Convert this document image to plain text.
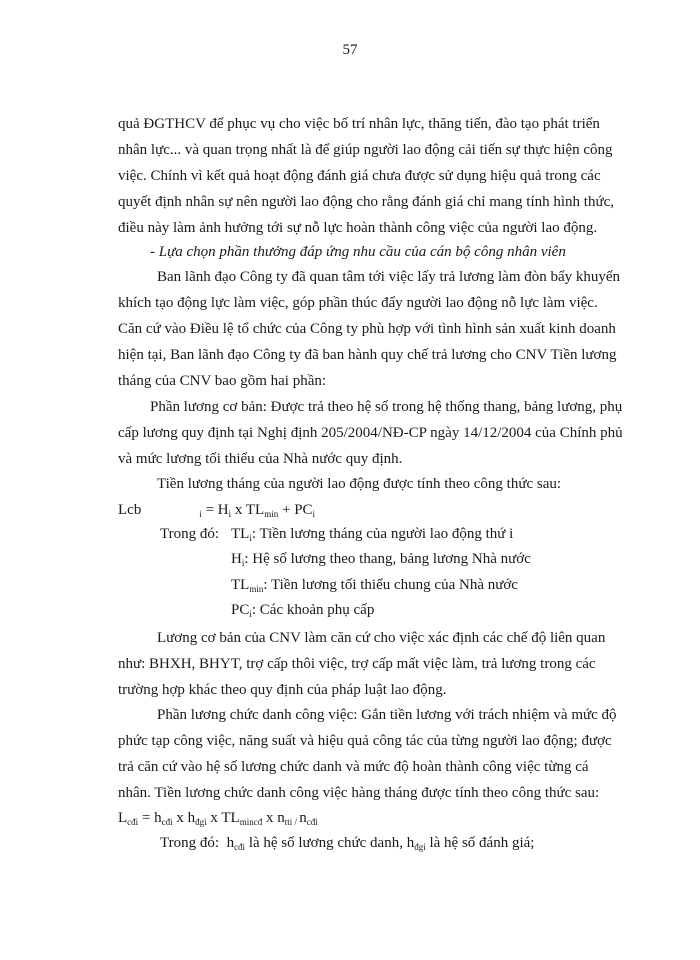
57
quả ĐGTHCV để phục vụ cho việc bố trí nhân lực, thăng tiến, đào tạo phát triển
nhân lực... và quan trọng nhất là để giúp người lao động cải tiến sự thực hiện công
việc. Chính vì kết quả hoạt động đánh giá chưa được sử dụng hiệu quả trong các
quyết định nhân sự nên người lao động cho rằng đánh giá chỉ mang tính hình thức,
điều này làm ảnh hưởng tới sự nỗ lực hoàn thành công việc của người lao động.
- Lựa chọn phần thưởng đáp ứng nhu cầu của cán bộ công nhân viên
Ban lãnh đạo Công ty đã quan tâm tới việc lấy trả lương làm đòn bẩy khuyến
khích tạo động lực làm việc, góp phần thúc đẩy người lao động nỗ lực làm việc.
Căn cứ vào Điều lệ tổ chức của Công ty phù hợp với tình hình sản xuất kinh doanh
hiện tại, Ban lãnh đạo Công ty đã ban hành quy chế trả lương cho CNV Tiền lương
tháng của CNV bao gồm hai phần:
Phần lương cơ bản: Được trả theo hệ số trong hệ thống thang, bảng lương, phụ
cấp lương quy định tại Nghị định 205/2004/NĐ-CP ngày 14/12/2004 của Chính phủ
và mức lương tối thiểu của Nhà nước quy định.
Tiền lương tháng của người lao động được tính theo công thức sau:
Lcb	$_i = H_i$ x $TL_{min} + PC_i$
Trong đó: $TL_i$: Tiền lương tháng của người lao động thứ i
$H_i$: Hệ số lương theo thang, bảng lương Nhà nước
$TL_{min}$: Tiền lương tối thiểu chung của Nhà nước
$PC_i$: Các khoản phụ cấp
Lương cơ bản của CNV làm căn cứ cho việc xác định các chế độ liên quan
như: BHXH, BHYT, trợ cấp thôi việc, trợ cấp mất việc làm, trả lương trong các
trường hợp khác theo quy định của pháp luật lao động.
Phần lương chức danh công việc: Gắn tiền lương với trách nhiệm và mức độ
phức tạp công việc, năng suất và hiệu quả công tác của từng người lao động; được
trả căn cứ vào hệ số lương chức danh và mức độ hoàn thành công việc từng cá
nhân. Tiền lương chức danh công việc hàng tháng được tính theo công thức sau:
$L_{cđi} = h_{cđi}$ x $h_{đgi}$ x $TL_{mincđ}$ x $n_{tti /}$ $n_{cđi}$
Trong đó: $h_{cđi}$ là hệ số lương chức danh, $h_{đgi}$ là hệ số đánh giá;
